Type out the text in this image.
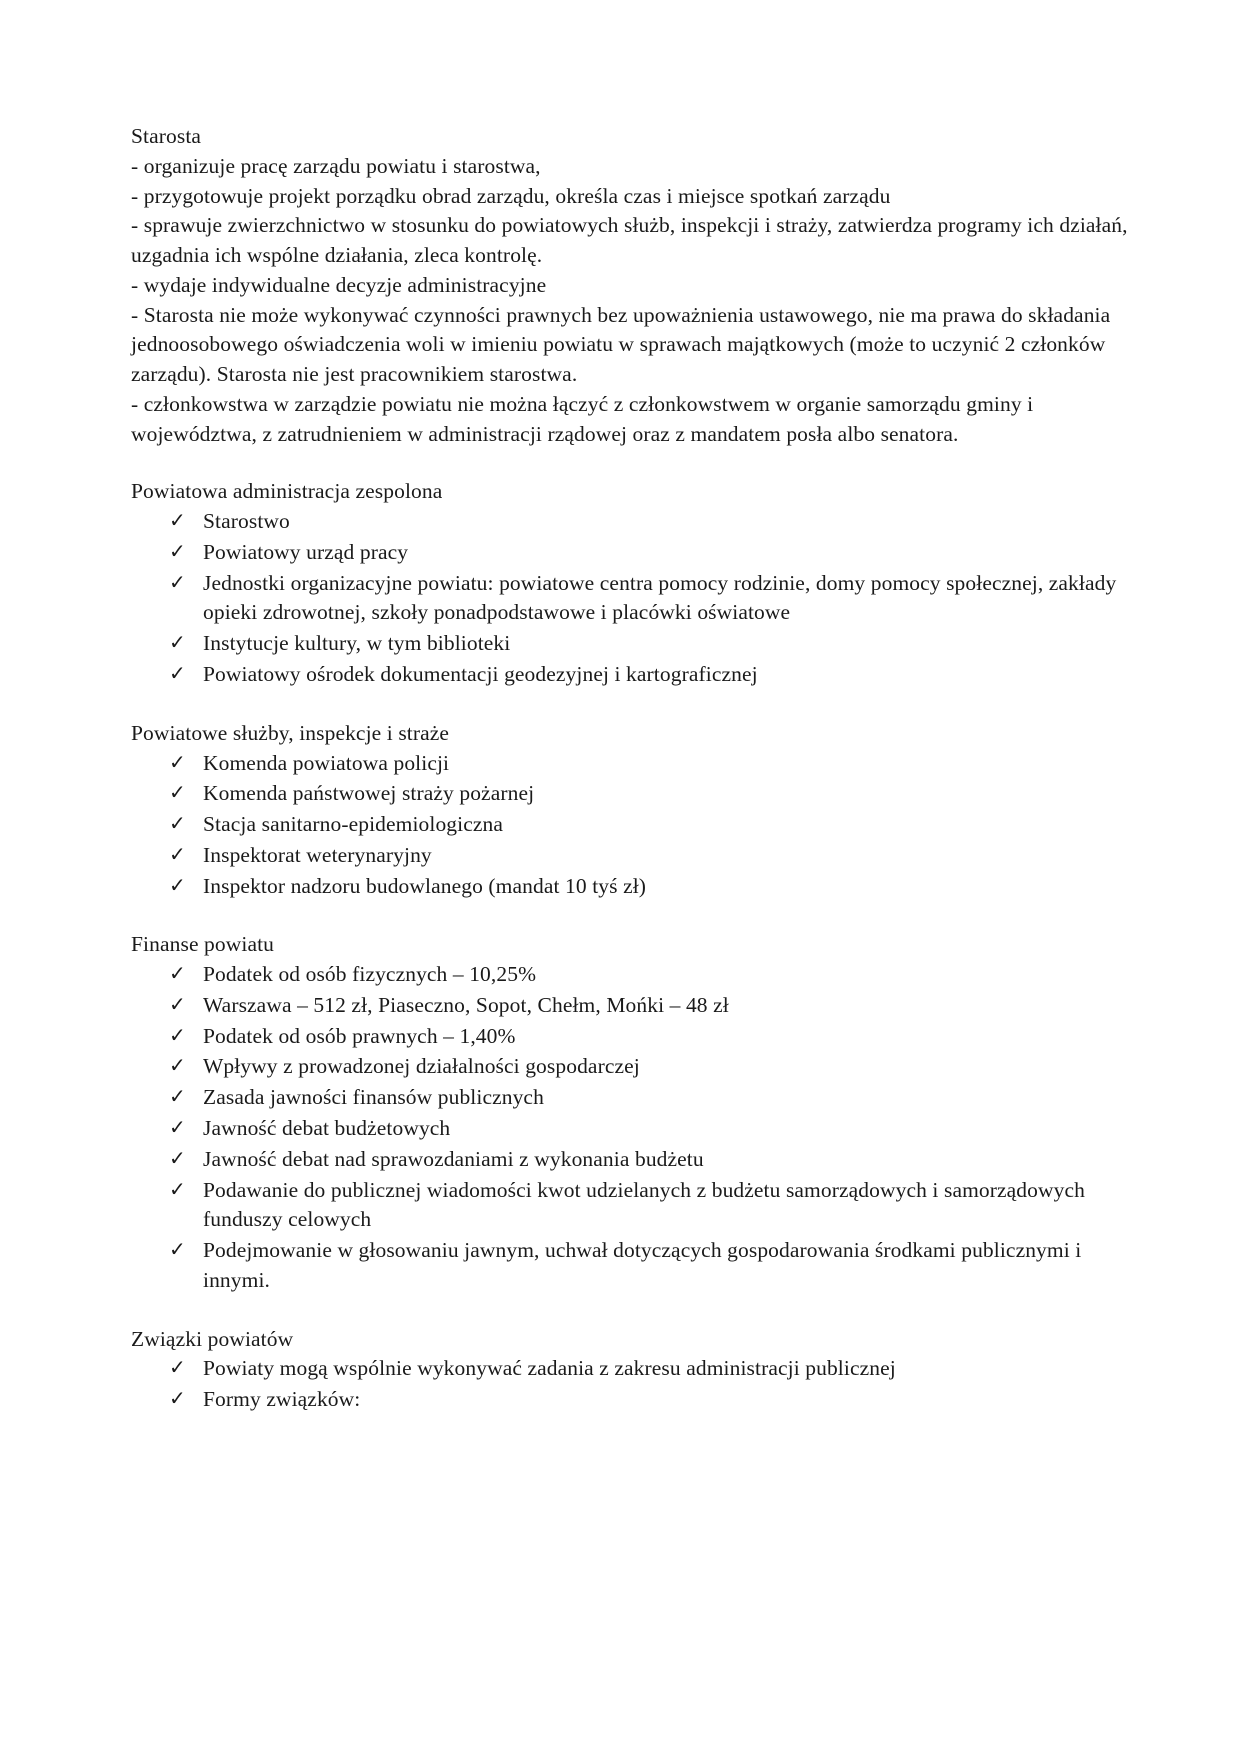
Starosta

- organizuje pracę zarządu powiatu i starostwa,

- przygotowuje projekt porządku obrad zarządu, określa czas i miejsce spotkań zarządu

- sprawuje zwierzchnictwo w stosunku do powiatowych służb, inspekcji i straży, zatwierdza programy ich działań, uzgadnia ich wspólne działania, zleca kontrolę.

- wydaje indywidualne decyzje administracyjne

- Starosta nie może wykonywać czynności prawnych bez upoważnienia ustawowego, nie ma prawa do składania jednoosobowego oświadczenia woli w imieniu powiatu w sprawach majątkowych (może to uczynić 2 członków zarządu). Starosta nie jest pracownikiem starostwa.

- członkowstwa w zarządzie powiatu nie można łączyć z członkowstwem w organie samorządu gminy i województwa, z zatrudnieniem w administracji rządowej oraz z mandatem posła albo senatora.

Powiatowa administracja zespolona
✓ Starostwo
✓ Powiatowy urząd pracy
✓ Jednostki organizacyjne powiatu: powiatowe centra pomocy rodzinie, domy pomocy społecznej, zakłady opieki zdrowotnej, szkoły ponadpodstawowe i placówki oświatowe
✓ Instytucje kultury, w tym biblioteki
✓ Powiatowy ośrodek dokumentacji geodezyjnej i kartograficznej
Powiatowe służby, inspekcje i straże
✓ Komenda powiatowa policji
✓ Komenda państwowej straży pożarnej
✓ Stacja sanitarno-epidemiologiczna
✓ Inspektorat weterynaryjny
✓ Inspektor nadzoru budowlanego (mandat 10 tyś zł)
Finanse powiatu
✓ Podatek od osób fizycznych – 10,25%
✓ Warszawa – 512 zł, Piaseczno, Sopot, Chełm, Mońki – 48 zł
✓ Podatek od osób prawnych – 1,40%
✓ Wpływy z prowadzonej działalności gospodarczej
✓ Zasada jawności finansów publicznych
✓ Jawność debat budżetowych
✓ Jawność debat nad sprawozdaniami z wykonania budżetu
✓ Podawanie do publicznej wiadomości kwot udzielanych z budżetu samorządowych i samorządowych funduszy celowych
✓ Podejmowanie w głosowaniu jawnym, uchwał dotyczących gospodarowania środkami publicznymi i innymi.
Związki powiatów
✓ Powiaty mogą wspólnie wykonywać zadania z zakresu administracji publicznej
✓ Formy związków:
